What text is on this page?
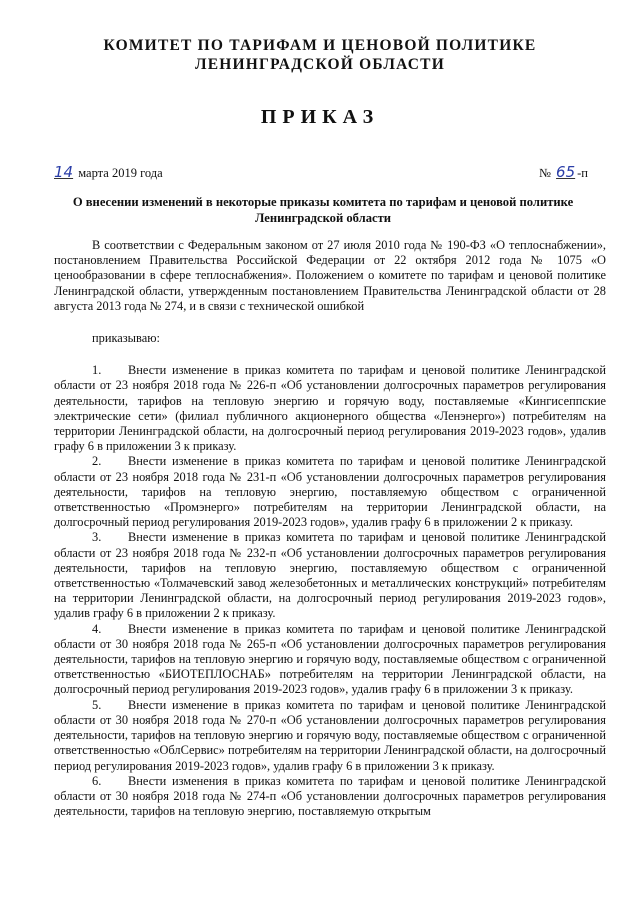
КОМИТЕТ ПО ТАРИФАМ И ЦЕНОВОЙ ПОЛИТИКЕ
ЛЕНИНГРАДСКОЙ ОБЛАСТИ
ПРИКАЗ
14 марта 2019 года	№ 65 -п
О внесении изменений в некоторые приказы комитета по тарифам и ценовой политике Ленинградской области

В соответствии с Федеральным законом от 27 июля 2010 года № 190-ФЗ «О теплоснабжении», постановлением Правительства Российской Федерации от 22 октября 2012 года № 1075 «О ценообразовании в сфере теплоснабжения». Положением о комитете по тарифам и ценовой политике Ленинградской области, утвержденным постановлением Правительства Ленинградской области от 28 августа 2013 года № 274, и в связи с технической ошибкой

приказываю:

1. Внести изменение в приказ комитета по тарифам и ценовой политике Ленинградской области от 23 ноября 2018 года № 226-п «Об установлении долгосрочных параметров регулирования деятельности, тарифов на тепловую энергию и горячую воду, поставляемые «Кингисеппские электрические сети» (филиал публичного акционерного общества «Ленэнерго») потребителям на территории Ленинградской области, на долгосрочный период регулирования 2019-2023 годов», удалив графу 6 в приложении 3 к приказу.

2. Внести изменение в приказ комитета по тарифам и ценовой политике Ленинградской области от 23 ноября 2018 года № 231-п «Об установлении долгосрочных параметров регулирования деятельности, тарифов на тепловую энергию, поставляемую обществом с ограниченной ответственностью «Промэнерго» потребителям на территории Ленинградской области, на долгосрочный период регулирования 2019-2023 годов», удалив графу 6 в приложении 2 к приказу.

3. Внести изменение в приказ комитета по тарифам и ценовой политике Ленинградской области от 23 ноября 2018 года № 232-п «Об установлении долгосрочных параметров регулирования деятельности, тарифов на тепловую энергию, поставляемую обществом с ограниченной ответственностью «Толмачевский завод железобетонных и металлических конструкций» потребителям на территории Ленинградской области, на долгосрочный период регулирования 2019-2023 годов», удалив графу 6 в приложении 2 к приказу.

4. Внести изменение в приказ комитета по тарифам и ценовой политике Ленинградской области от 30 ноября 2018 года № 265-п «Об установлении долгосрочных параметров регулирования деятельности, тарифов на тепловую энергию и горячую воду, поставляемые обществом с ограниченной ответственностью «БИОТЕПЛОСНАБ» потребителям на территории Ленинградской области, на долгосрочный период регулирования 2019-2023 годов», удалив графу 6 в приложении 3 к приказу.

5. Внести изменение в приказ комитета по тарифам и ценовой политике Ленинградской области от 30 ноября 2018 года № 270-п «Об установлении долгосрочных параметров регулирования деятельности, тарифов на тепловую энергию и горячую воду, поставляемые обществом с ограниченной ответственностью «ОблСервис» потребителям на территории Ленинградской области, на долгосрочный период регулирования 2019-2023 годов», удалив графу 6 в приложении 3 к приказу.

6. Внести изменения в приказ комитета по тарифам и ценовой политике Ленинградской области от 30 ноября 2018 года № 274-п «Об установлении долгосрочных параметров регулирования деятельности, тарифов на тепловую энергию, поставляемую открытым
